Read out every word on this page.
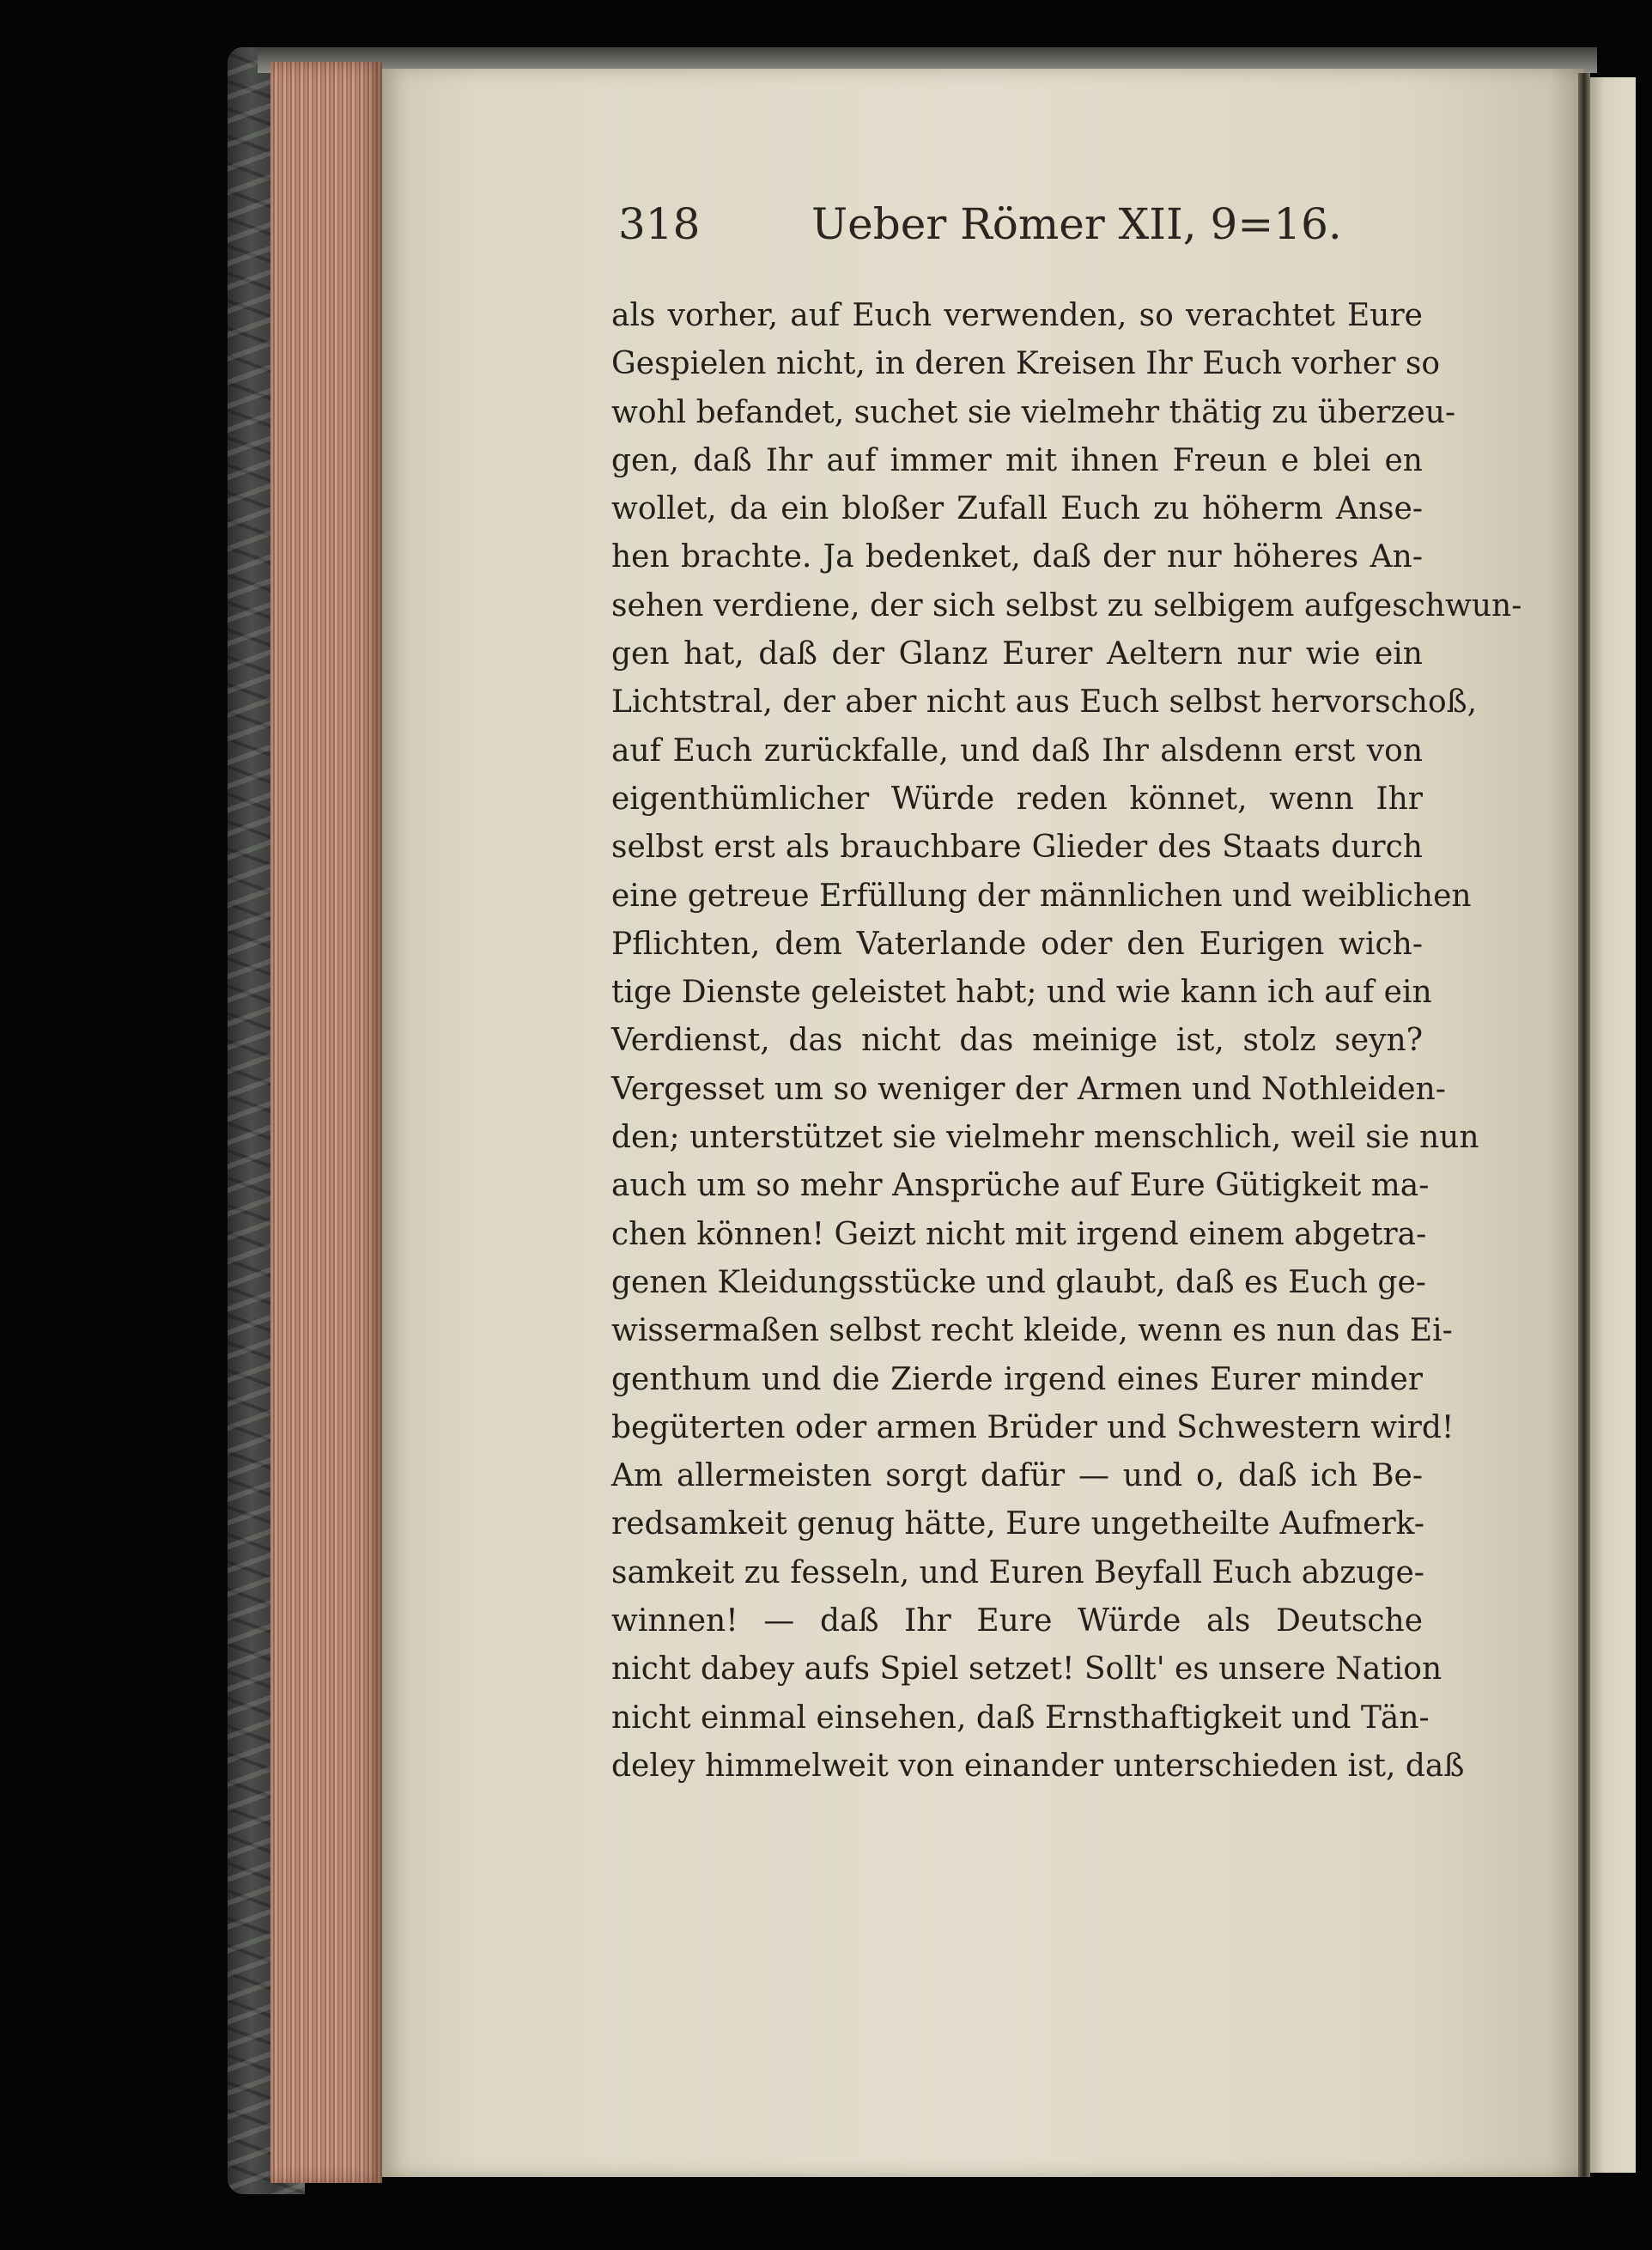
318	Ueber Römer XII, 9=16.
als vorher, auf Euch verwenden, so verachtet Eure
Gespielen nicht, in deren Kreisen Ihr Euch vorher so
wohl befandet, suchet sie vielmehr thätig zu überzeu-
gen, daß Ihr auf immer mit ihnen Freun e blei en
wollet, da ein bloßer Zufall Euch zu höherm Anse-
hen brachte. Ja bedenket, daß der nur höheres An-
sehen verdiene, der sich selbst zu selbigem aufgeschwun-
gen hat, daß der Glanz Eurer Aeltern nur wie ein
Lichtstral, der aber nicht aus Euch selbst hervorschoß,
auf Euch zurückfalle, und daß Ihr alsdenn erst von
eigenthümlicher Würde reden könnet, wenn Ihr
selbst erst als brauchbare Glieder des Staats durch
eine getreue Erfüllung der männlichen und weiblichen
Pflichten, dem Vaterlande oder den Eurigen wich-
tige Dienste geleistet habt; und wie kann ich auf ein
Verdienst, das nicht das meinige ist, stolz seyn?
Vergesset um so weniger der Armen und Nothleiden-
den; unterstützet sie vielmehr menschlich, weil sie nun
auch um so mehr Ansprüche auf Eure Gütigkeit ma-
chen können! Geizt nicht mit irgend einem abgetra-
genen Kleidungsstücke und glaubt, daß es Euch ge-
wissermaßen selbst recht kleide, wenn es nun das Ei-
genthum und die Zierde irgend eines Eurer minder
begüterten oder armen Brüder und Schwestern wird!
Am allermeisten sorgt dafür — und o, daß ich Be-
redsamkeit genug hätte, Eure ungetheilte Aufmerk-
samkeit zu fesseln, und Euren Beyfall Euch abzuge-
winnen! — daß Ihr Eure Würde als Deutsche
nicht dabey aufs Spiel setzet! Sollt' es unsere Nation
nicht einmal einsehen, daß Ernsthaftigkeit und Tän-
deley himmelweit von einander unterschieden ist, daß
